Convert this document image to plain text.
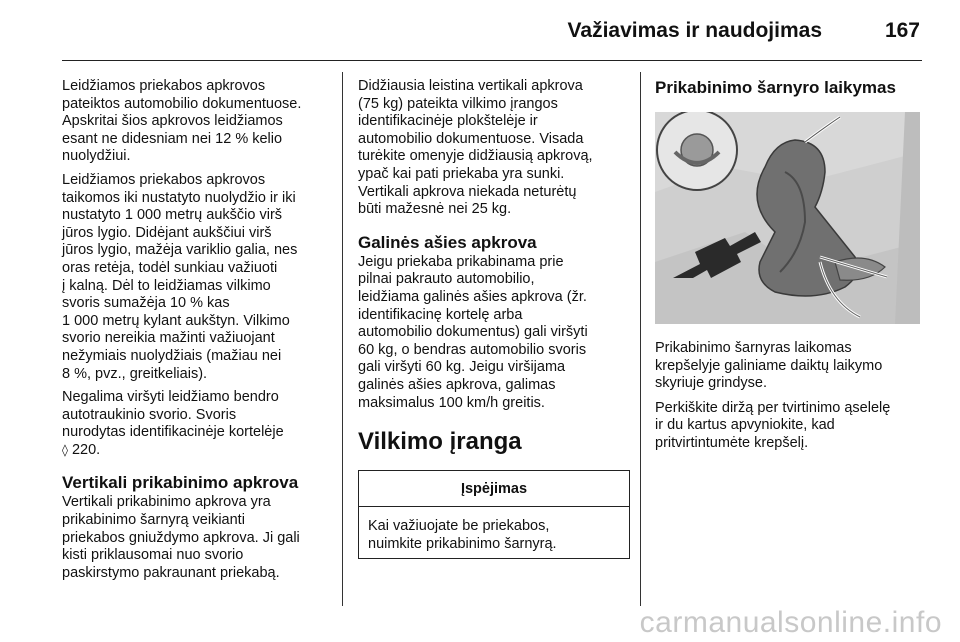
Važiavimas ir naudojimas	167

Leidžiamos priekabos apkrovos
pateiktos automobilio dokumentuose.
Apskritai šios apkrovos leidžiamos
esant ne didesniam nei 12 % kelio
nuolydžiui.

Leidžiamos priekabos apkrovos
taikomos iki nustatyto nuolydžio ir iki
nustatyto 1 000 metrų aukščio virš
jūros lygio. Didėjant aukščiui virš
jūros lygio, mažėja variklio galia, nes
oras retėja, todėl sunkiau važiuoti
į kalną. Dėl to leidžiamas vilkimo
svoris sumažėja 10 % kas
1 000 metrų kylant aukštyn. Vilkimo
svorio nereikia mažinti važiuojant
nežymiais nuolydžiais (mažiau nei
8 %, pvz., greitkeliais).

Negalima viršyti leidžiamo bendro
autotraukinio svorio. Svoris
nurodytas identifikacinėje kortelėje
◊ 220.

Vertikali prikabinimo apkrova

Vertikali prikabinimo apkrova yra
prikabinimo šarnyrą veikianti
priekabos gniuždymo apkrova. Ji gali
kisti priklausomai nuo svorio
paskirstymo pakraunant priekabą.

Didžiausia leistina vertikali apkrova
(75 kg) pateikta vilkimo įrangos
identifikacinėje plokštelėje ir
automobilio dokumentuose. Visada
turėkite omenyje didžiausią apkrovą,
ypač kai pati priekaba yra sunki.
Vertikali apkrova niekada neturėtų
būti mažesnė nei 25 kg.

Galinės ašies apkrova

Jeigu priekaba prikabinama prie
pilnai pakrauto automobilio,
leidžiama galinės ašies apkrova (žr.
identifikacinę kortelę arba
automobilio dokumentus) gali viršyti
60 kg, o bendras automobilio svoris
gali viršyti 60 kg. Jeigu viršijama
galinės ašies apkrova, galimas
maksimalus 100 km/h greitis.

Vilkimo įranga
Įspėjimas

Kai važiuojate be priekabos,
nuimkite prikabinimo šarnyrą.

Prikabinimo šarnyro laikymas

Prikabinimo šarnyras laikomas
krepšelyje galiniame daiktų laikymo
skyriuje grindyse.

Perkiškite diržą per tvirtinimo ąselelę
ir du kartus apvyniokite, kad
pritvirtintumėte krepšelį.

carmanualsonline.info
